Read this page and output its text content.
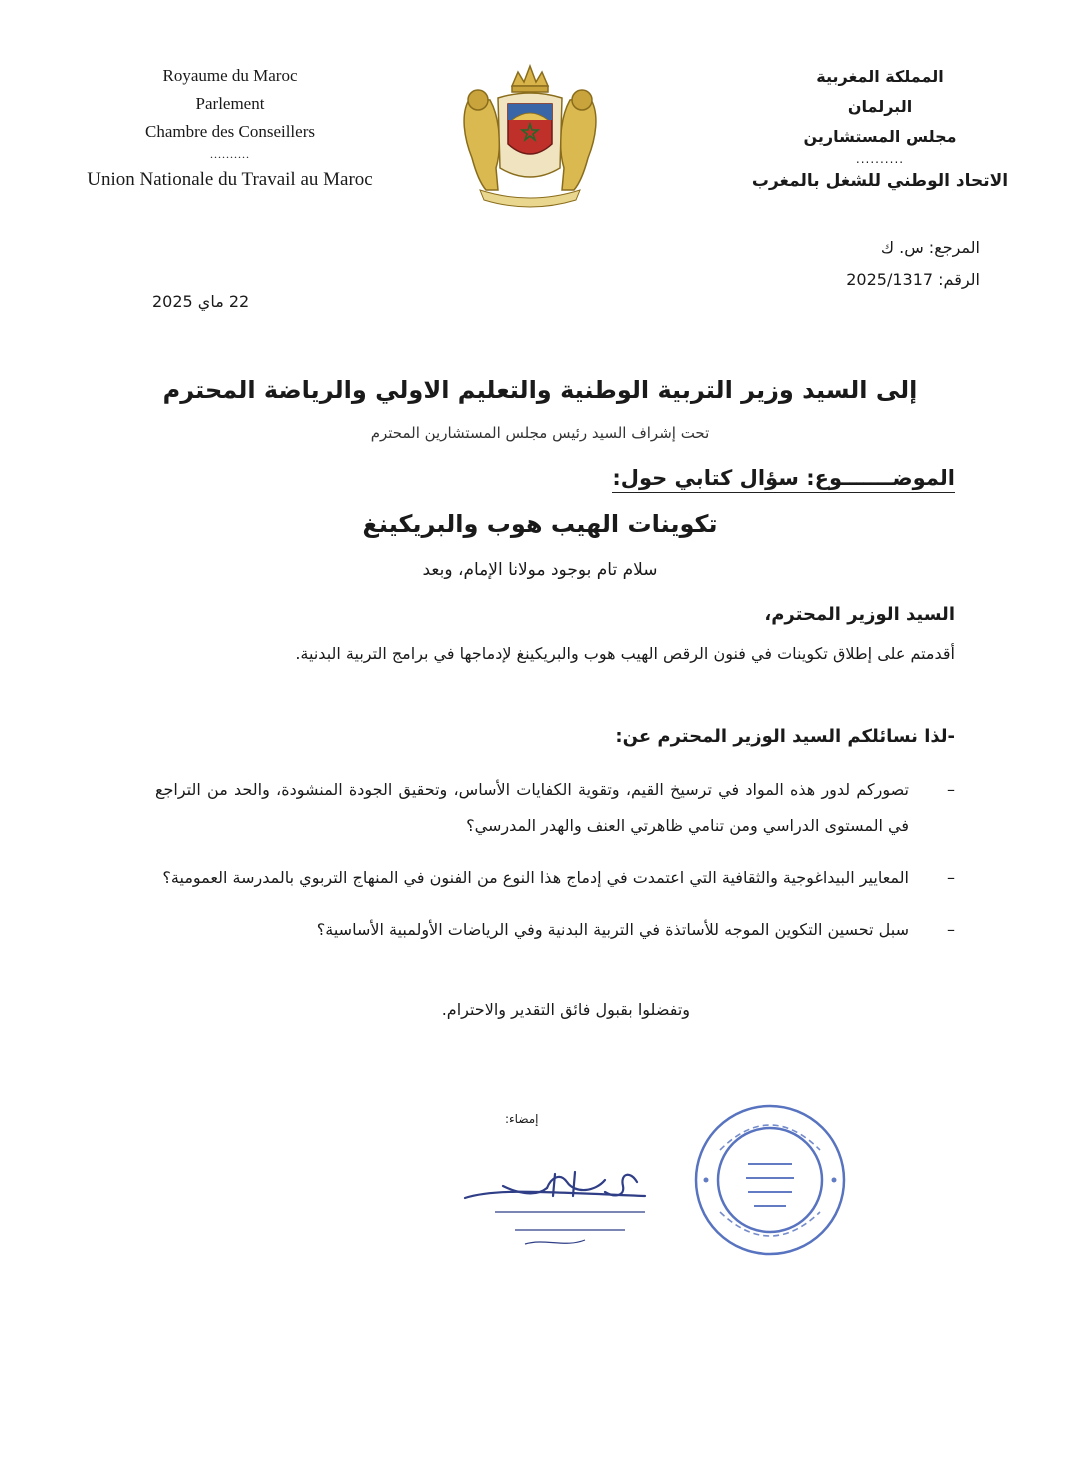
Royaume du Maroc
Parlement
Chambre des Conseillers
..........
Union Nationale du Travail au Maroc
المملكة المغربية
البرلمان
مجلس المستشارين
..........
الاتحاد الوطني للشغل بالمغرب
المرجع: س. ك
الرقم: 2025/1317
22 ماي 2025
إلى السيد وزير التربية الوطنية والتعليم الاولي والرياضة المحترم
تحت إشراف السيد رئيس مجلس المستشارين المحترم
الموضـــــــوع: سؤال كتابي حول:
تكوينات الهيب هوب والبريكينغ
سلام تام بوجود مولانا الإمام، وبعد
السيد الوزير المحترم،
أقدمتم على إطلاق تكوينات في فنون الرقص الهيب هوب والبريكينغ لإدماجها في برامج التربية البدنية.
-لذا نسائلكم السيد الوزير المحترم عن:
–
تصوركم لدور هذه المواد في ترسيخ القيم، وتقوية الكفايات الأساس، وتحقيق الجودة المنشودة، والحد من التراجع في المستوى الدراسي ومن تنامي ظاهرتي العنف والهدر المدرسي؟
–
المعايير البيداغوجية والثقافية التي اعتمدت في إدماج هذا النوع من الفنون في المنهاج التربوي بالمدرسة العمومية؟
–
سبل تحسين التكوين الموجه للأساتذة في التربية البدنية وفي الرياضات الأولمبية الأساسية؟
وتفضلوا بقبول فائق التقدير والاحترام.
إمضاء:
